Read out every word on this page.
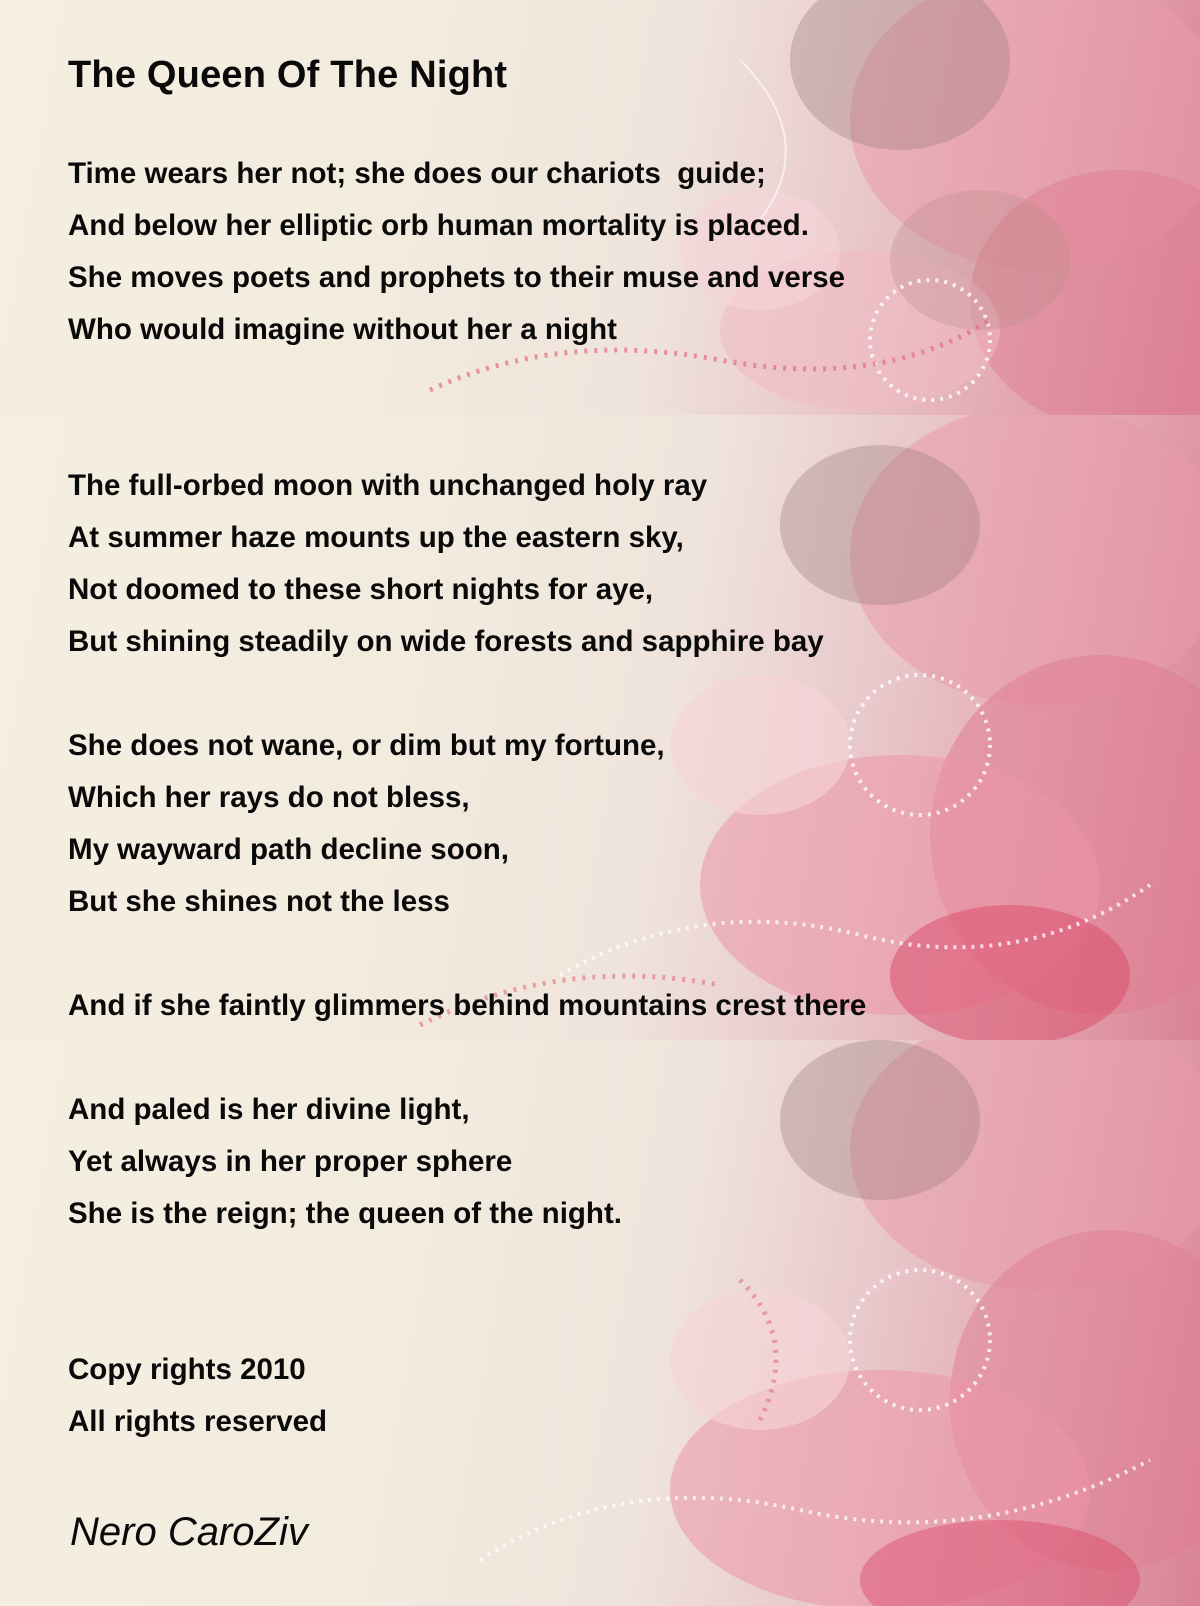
The Queen Of The Night

Time wears her not; she does our chariots  guide;

And below her elliptic orb human mortality is placed.

She moves poets and prophets to their muse and verse

Who would imagine without her a night

The full-orbed moon with unchanged holy ray

At summer haze mounts up the eastern sky,

Not doomed to these short nights for aye,

But shining steadily on wide forests and sapphire bay

She does not wane, or dim but my fortune,

Which her rays do not bless,

My wayward path decline soon,

But she shines not the less

And if she faintly glimmers behind mountains crest there

And paled is her divine light,

Yet always in her proper sphere

She is the reign; the queen of the night.

Copy rights 2010

All rights reserved

Nero CaroZiv
